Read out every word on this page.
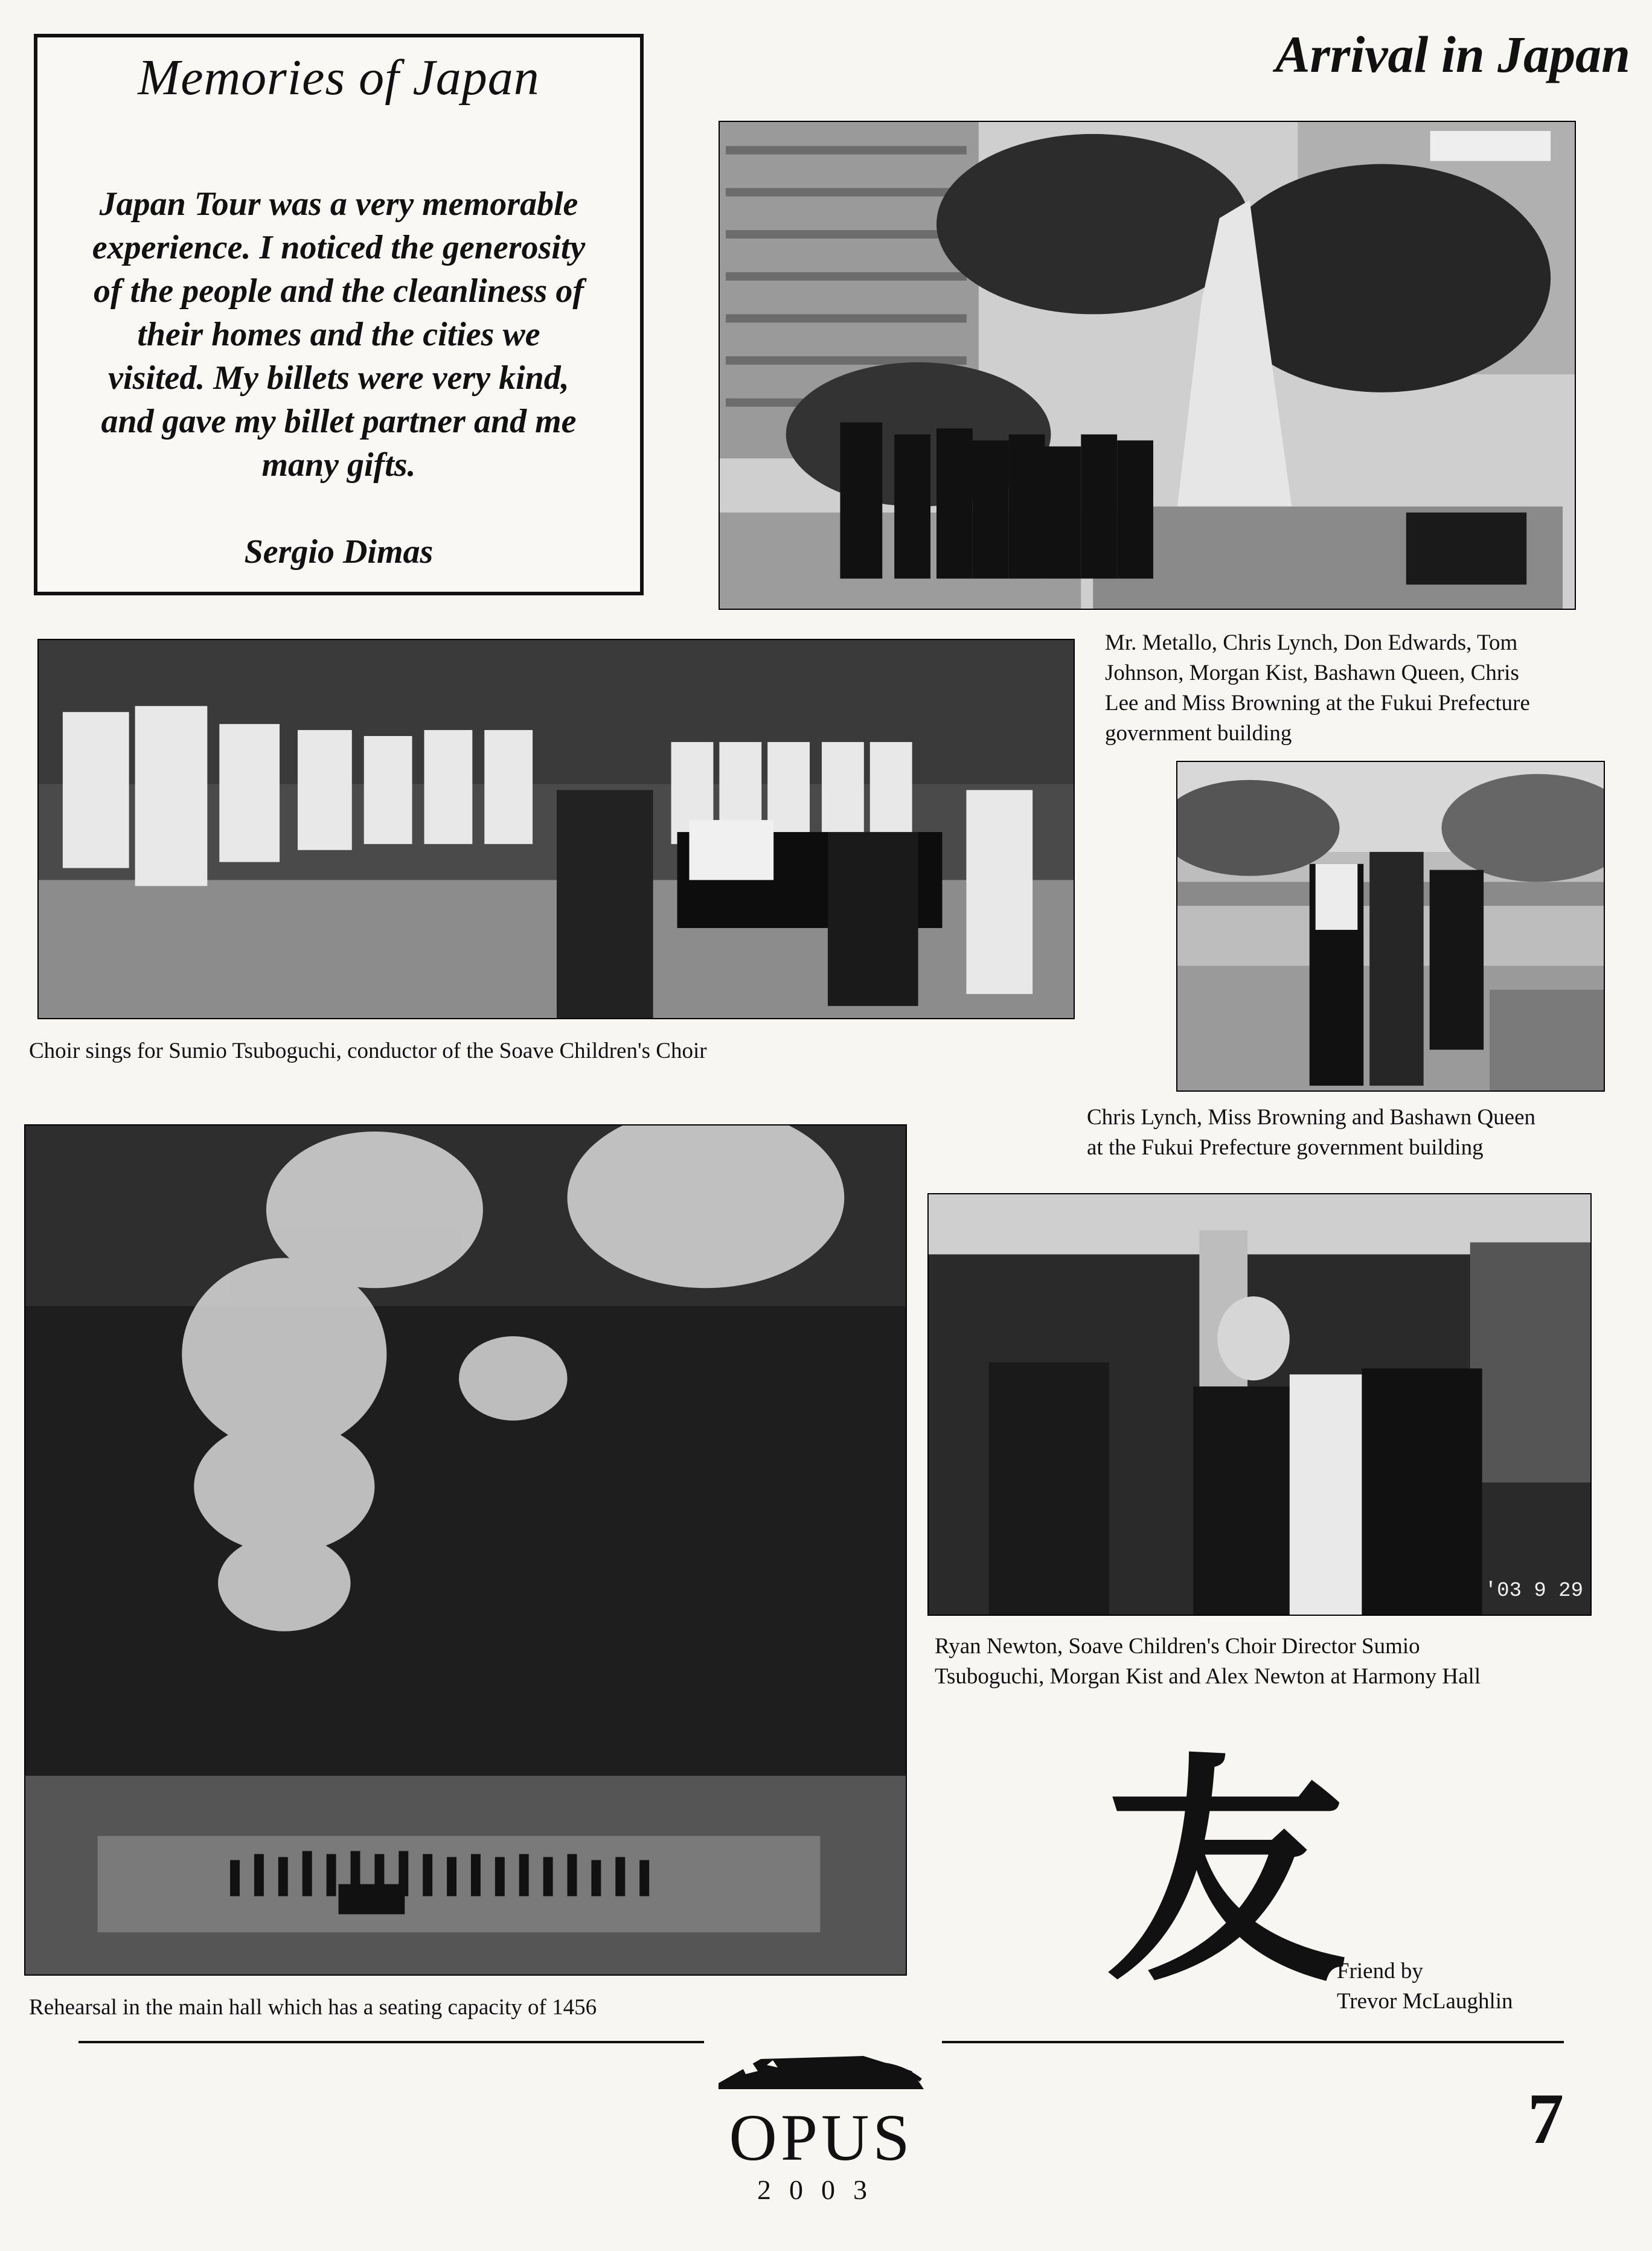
Memories of Japan
Japan Tour was a very memorable
experience. I noticed the generosity
of the people and the cleanliness of
their homes and the cities we
visited. My billets were very kind,
and gave my billet partner and me
many gifts.
Sergio Dimas
Arrival in Japan
Mr. Metallo, Chris Lynch, Don Edwards, Tom
Johnson, Morgan Kist, Bashawn Queen, Chris
Lee and Miss Browning at the Fukui Prefecture
government building
Choir sings for Sumio Tsuboguchi, conductor of the Soave Children's Choir
Chris Lynch, Miss Browning and Bashawn Queen
at the Fukui Prefecture government building
Rehearsal in the main hall which has a seating capacity of 1456
'03 9 29
Ryan Newton, Soave Children's Choir Director Sumio
Tsuboguchi, Morgan Kist and Alex Newton at Harmony Hall
友
Friend by
Trevor McLaughlin
OPUS
2003
7
